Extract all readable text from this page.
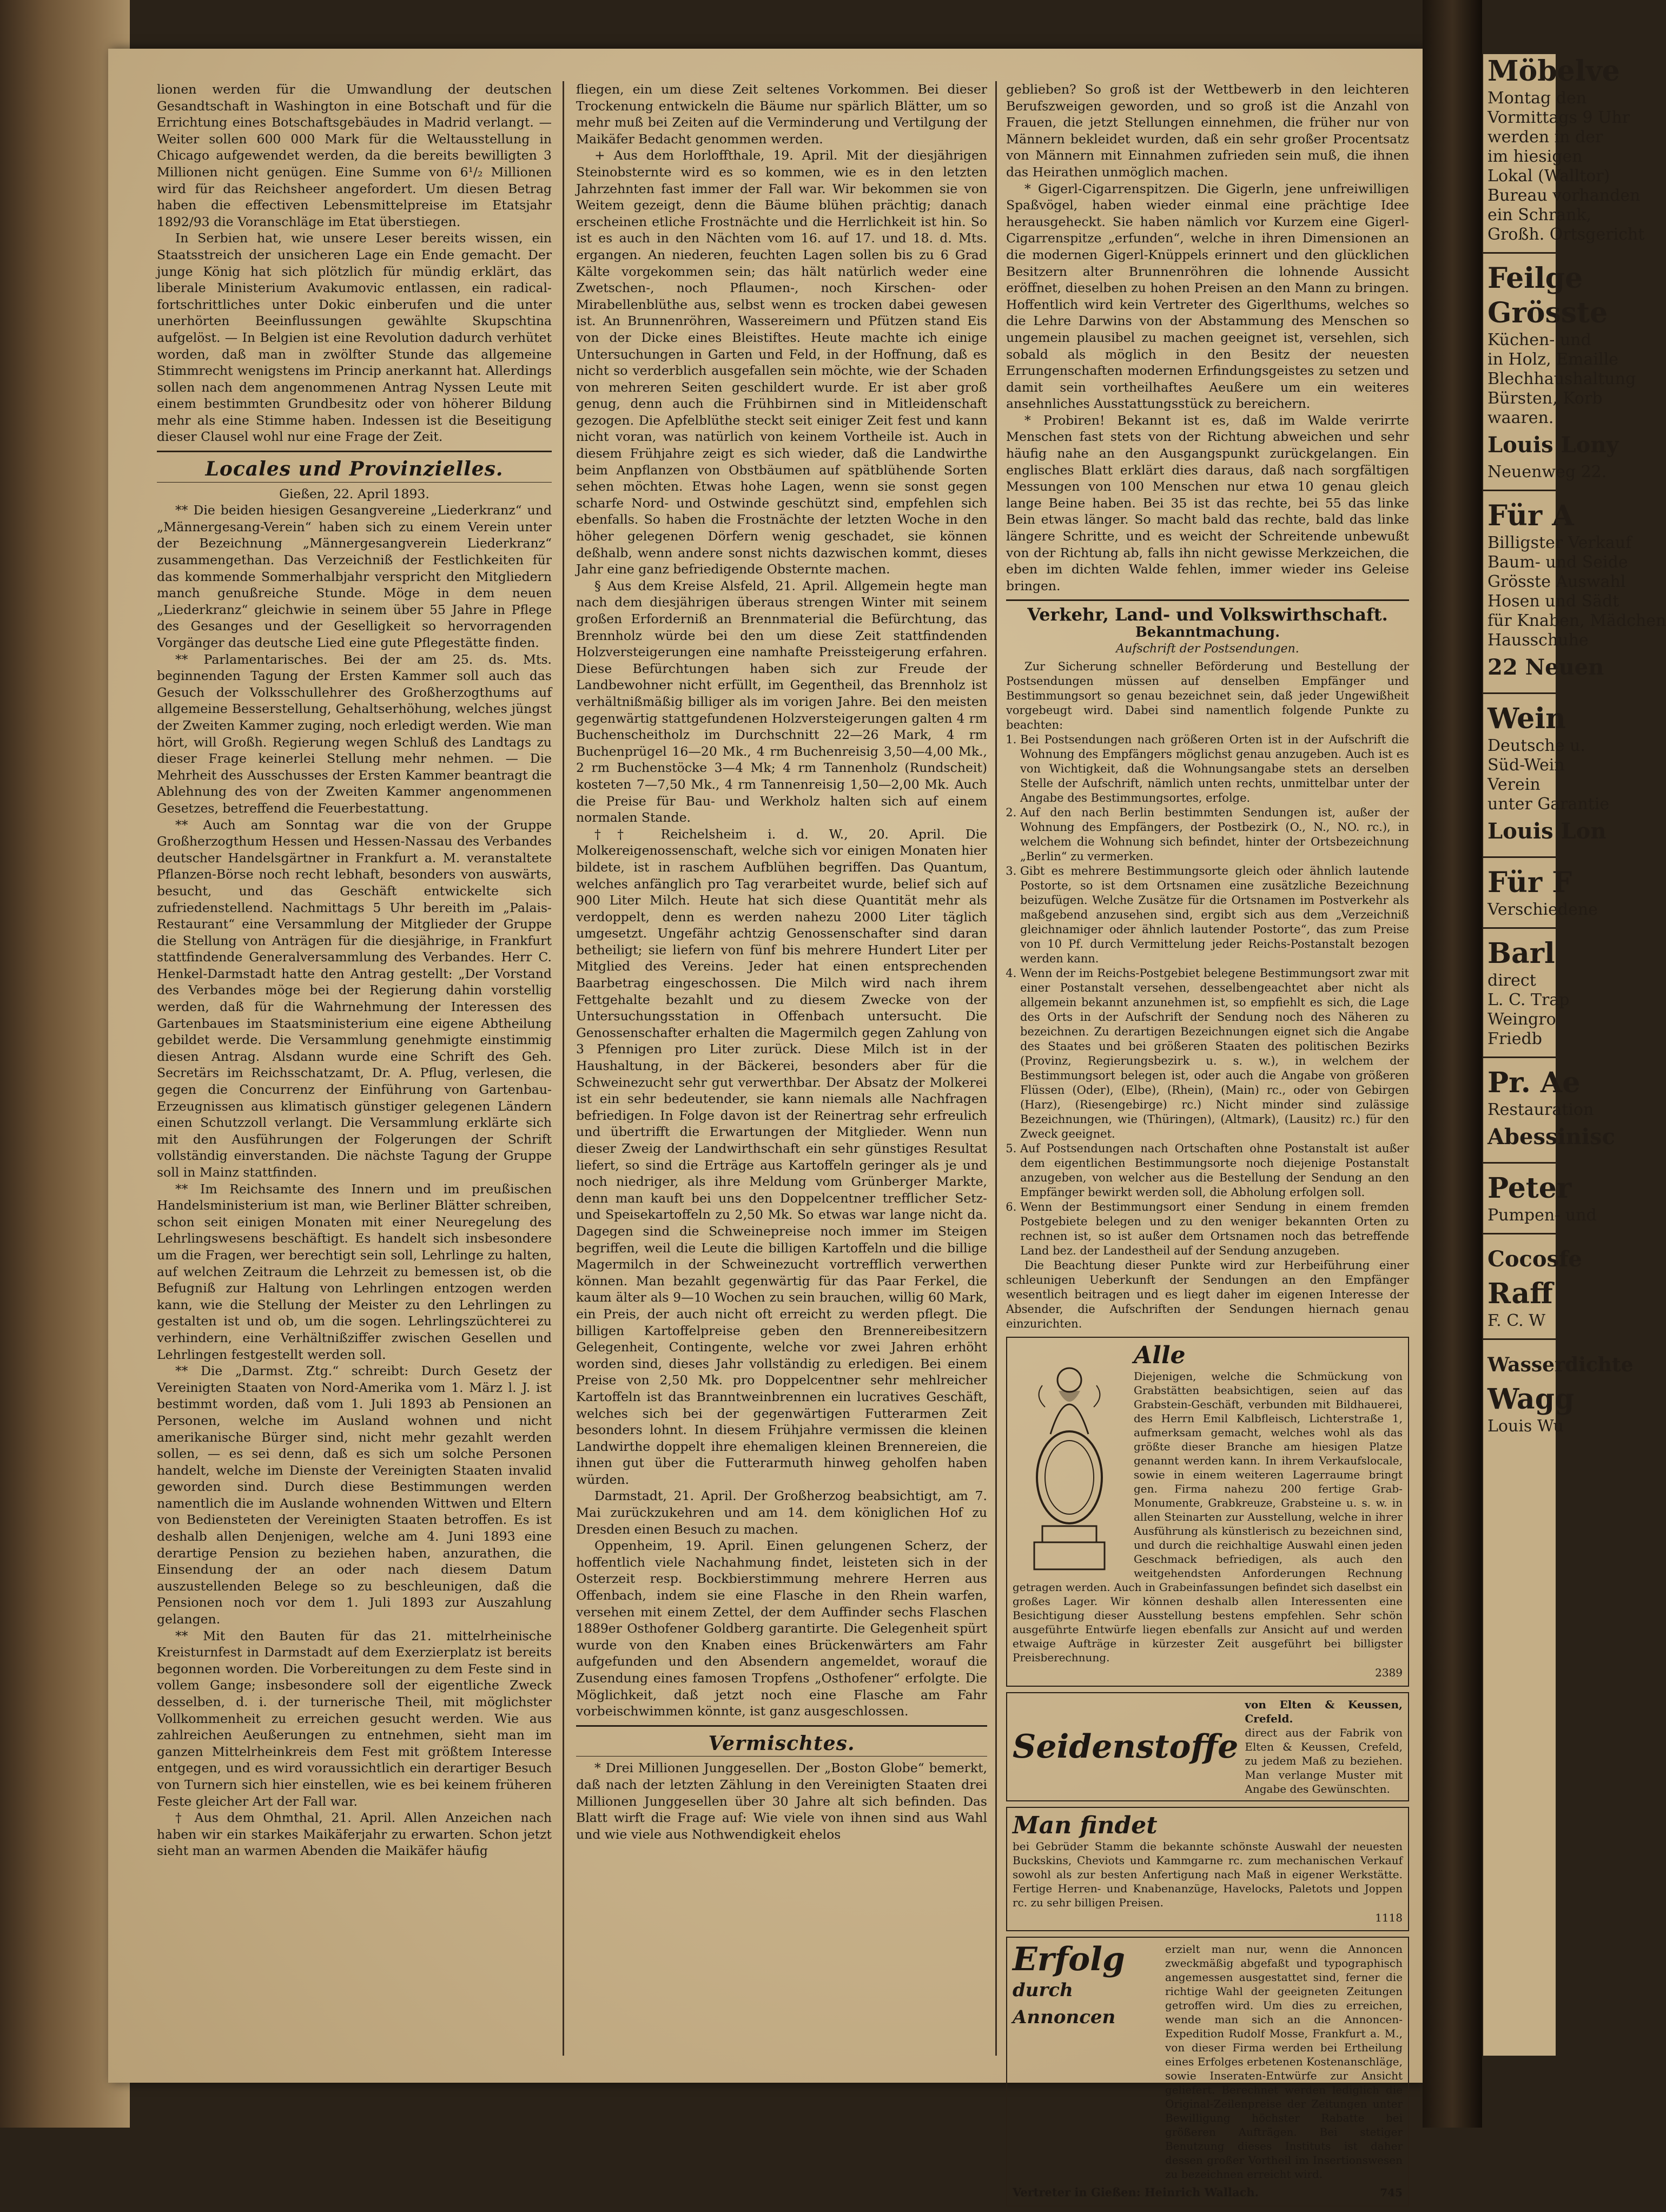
lionen werden für die Umwandlung der deutschen Gesandtschaft in Washington in eine Botschaft und für die Errichtung eines Botschaftsgebäudes in Madrid verlangt. — Weiter sollen 600 000 Mark für die Weltausstellung in Chicago aufgewendet werden, da die bereits bewilligten 3 Millionen nicht genügen. Eine Summe von 6¹/₂ Millionen wird für das Reichsheer angefordert. Um diesen Betrag haben die effectiven Lebensmittelpreise im Etatsjahr 1892/93 die Voranschläge im Etat überstiegen.

In Serbien hat, wie unsere Leser bereits wissen, ein Staatsstreich der unsicheren Lage ein Ende gemacht. Der junge König hat sich plötzlich für mündig erklärt, das liberale Ministerium Avakumovic entlassen, ein radical-fortschrittliches unter Dokic einberufen und die unter unerhörten Beeinflussungen gewählte Skupschtina aufgelöst. — In Belgien ist eine Revolution dadurch verhütet worden, daß man in zwölfter Stunde das allgemeine Stimmrecht wenigstens im Princip anerkannt hat. Allerdings sollen nach dem angenommenen Antrag Nyssen Leute mit einem bestimmten Grundbesitz oder von höherer Bildung mehr als eine Stimme haben. Indessen ist die Beseitigung dieser Clausel wohl nur eine Frage der Zeit.

Locales und Provinzielles.

Gießen, 22. April 1893.

** Die beiden hiesigen Gesangvereine „Liederkranz“ und „Männergesang-Verein“ haben sich zu einem Verein unter der Bezeichnung „Männergesangverein Liederkranz“ zusammengethan. Das Verzeichniß der Festlichkeiten für das kommende Sommerhalbjahr verspricht den Mitgliedern manch genußreiche Stunde. Möge in dem neuen „Liederkranz“ gleichwie in seinem über 55 Jahre in Pflege des Gesanges und der Geselligkeit so hervorragenden Vorgänger das deutsche Lied eine gute Pflegestätte finden.

** Parlamentarisches. Bei der am 25. ds. Mts. beginnenden Tagung der Ersten Kammer soll auch das Gesuch der Volksschullehrer des Großherzogthums auf allgemeine Besserstellung, Gehaltserhöhung, welches jüngst der Zweiten Kammer zuging, noch erledigt werden. Wie man hört, will Großh. Regierung wegen Schluß des Landtags zu dieser Frage keinerlei Stellung mehr nehmen. — Die Mehrheit des Ausschusses der Ersten Kammer beantragt die Ablehnung des von der Zweiten Kammer angenommenen Gesetzes, betreffend die Feuerbestattung.

** Auch am Sonntag war die von der Gruppe Großherzogthum Hessen und Hessen-Nassau des Verbandes deutscher Handelsgärtner in Frankfurt a. M. veranstaltete Pflanzen-Börse noch recht lebhaft, besonders von auswärts, besucht, und das Geschäft entwickelte sich zufriedenstellend. Nachmittags 5 Uhr bereith im „Palais-Restaurant“ eine Versammlung der Mitglieder der Gruppe die Stellung von Anträgen für die diesjährige, in Frankfurt stattfindende Generalversammlung des Verbandes. Herr C. Henkel-Darmstadt hatte den Antrag gestellt: „Der Vorstand des Verbandes möge bei der Regierung dahin vorstellig werden, daß für die Wahrnehmung der Interessen des Gartenbaues im Staatsministerium eine eigene Abtheilung gebildet werde. Die Versammlung genehmigte einstimmig diesen Antrag. Alsdann wurde eine Schrift des Geh. Secretärs im Reichsschatzamt, Dr. A. Pflug, verlesen, die gegen die Concurrenz der Einführung von Gartenbau-Erzeugnissen aus klimatisch günstiger gelegenen Ländern einen Schutzzoll verlangt. Die Versammlung erklärte sich mit den Ausführungen der Folgerungen der Schrift vollständig einverstanden. Die nächste Tagung der Gruppe soll in Mainz stattfinden.

** Im Reichsamte des Innern und im preußischen Handelsministerium ist man, wie Berliner Blätter schreiben, schon seit einigen Monaten mit einer Neuregelung des Lehrlingswesens beschäftigt. Es handelt sich insbesondere um die Fragen, wer berechtigt sein soll, Lehrlinge zu halten, auf welchen Zeitraum die Lehrzeit zu bemessen ist, ob die Befugniß zur Haltung von Lehrlingen entzogen werden kann, wie die Stellung der Meister zu den Lehrlingen zu gestalten ist und ob, um die sogen. Lehrlingszüchterei zu verhindern, eine Verhältnißziffer zwischen Gesellen und Lehrlingen festgestellt werden soll.

** Die „Darmst. Ztg.“ schreibt: Durch Gesetz der Vereinigten Staaten von Nord-Amerika vom 1. März l. J. ist bestimmt worden, daß vom 1. Juli 1893 ab Pensionen an Personen, welche im Ausland wohnen und nicht amerikanische Bürger sind, nicht mehr gezahlt werden sollen, — es sei denn, daß es sich um solche Personen handelt, welche im Dienste der Vereinigten Staaten invalid geworden sind. Durch diese Bestimmungen werden namentlich die im Auslande wohnenden Wittwen und Eltern von Bediensteten der Vereinigten Staaten betroffen. Es ist deshalb allen Denjenigen, welche am 4. Juni 1893 eine derartige Pension zu beziehen haben, anzurathen, die Einsendung der an oder nach diesem Datum auszustellenden Belege so zu beschleunigen, daß die Pensionen noch vor dem 1. Juli 1893 zur Auszahlung gelangen.

** Mit den Bauten für das 21. mittelrheinische Kreisturnfest in Darmstadt auf dem Exerzierplatz ist bereits begonnen worden. Die Vorbereitungen zu dem Feste sind in vollem Gange; insbesondere soll der eigentliche Zweck desselben, d. i. der turnerische Theil, mit möglichster Vollkommenheit zu erreichen gesucht werden. Wie aus zahlreichen Aeußerungen zu entnehmen, sieht man im ganzen Mittelrheinkreis dem Fest mit größtem Interesse entgegen, und es wird voraussichtlich ein derartiger Besuch von Turnern sich hier einstellen, wie es bei keinem früheren Feste gleicher Art der Fall war.

† Aus dem Ohmthal, 21. April. Allen Anzeichen nach haben wir ein starkes Maikäferjahr zu erwarten. Schon jetzt sieht man an warmen Abenden die Maikäfer häufig

fliegen, ein um diese Zeit seltenes Vorkommen. Bei dieser Trockenung entwickeln die Bäume nur spärlich Blätter, um so mehr muß bei Zeiten auf die Verminderung und Vertilgung der Maikäfer Bedacht genommen werden.

+ Aus dem Horloffthale, 19. April. Mit der diesjährigen Steinobsternte wird es so kommen, wie es in den letzten Jahrzehnten fast immer der Fall war. Wir bekommen sie von Weitem gezeigt, denn die Bäume blühen prächtig; danach erscheinen etliche Frostnächte und die Herrlichkeit ist hin. So ist es auch in den Nächten vom 16. auf 17. und 18. d. Mts. ergangen. An niederen, feuchten Lagen sollen bis zu 6 Grad Kälte vorgekommen sein; das hält natürlich weder eine Zwetschen-, noch Pflaumen-, noch Kirschen- oder Mirabellenblüthe aus, selbst wenn es trocken dabei gewesen ist. An Brunnenröhren, Wassereimern und Pfützen stand Eis von der Dicke eines Bleistiftes. Heute machte ich einige Untersuchungen in Garten und Feld, in der Hoffnung, daß es nicht so verderblich ausgefallen sein möchte, wie der Schaden von mehreren Seiten geschildert wurde. Er ist aber groß genug, denn auch die Frühbirnen sind in Mitleidenschaft gezogen. Die Apfelblüthe steckt seit einiger Zeit fest und kann nicht voran, was natürlich von keinem Vortheile ist. Auch in diesem Frühjahre zeigt es sich wieder, daß die Landwirthe beim Anpflanzen von Obstbäumen auf spätblühende Sorten sehen möchten. Etwas hohe Lagen, wenn sie sonst gegen scharfe Nord- und Ostwinde geschützt sind, empfehlen sich ebenfalls. So haben die Frostnächte der letzten Woche in den höher gelegenen Dörfern wenig geschadet, sie können deßhalb, wenn andere sonst nichts dazwischen kommt, dieses Jahr eine ganz befriedigende Obsternte machen.

§ Aus dem Kreise Alsfeld, 21. April. Allgemein hegte man nach dem diesjährigen überaus strengen Winter mit seinem großen Erforderniß an Brennmaterial die Befürchtung, das Brennholz würde bei den um diese Zeit stattfindenden Holzversteigerungen eine namhafte Preissteigerung erfahren. Diese Befürchtungen haben sich zur Freude der Landbewohner nicht erfüllt, im Gegentheil, das Brennholz ist verhältnißmäßig billiger als im vorigen Jahre. Bei den meisten gegenwärtig stattgefundenen Holzversteigerungen galten 4 rm Buchenscheitholz im Durchschnitt 22—26 Mark, 4 rm Buchenprügel 16—20 Mk., 4 rm Buchenreisig 3,50—4,00 Mk., 2 rm Buchenstöcke 3—4 Mk; 4 rm Tannenholz (Rundscheit) kosteten 7—7,50 Mk., 4 rm Tannenreisig 1,50—2,00 Mk. Auch die Preise für Bau- und Werkholz halten sich auf einem normalen Stande.

†† Reichelsheim i. d. W., 20. April. Die Molkereigenossenschaft, welche sich vor einigen Monaten hier bildete, ist in raschem Aufblühen begriffen. Das Quantum, welches anfänglich pro Tag verarbeitet wurde, belief sich auf 900 Liter Milch. Heute hat sich diese Quantität mehr als verdoppelt, denn es werden nahezu 2000 Liter täglich umgesetzt. Ungefähr achtzig Genossenschafter sind daran betheiligt; sie liefern von fünf bis mehrere Hundert Liter per Mitglied des Vereins. Jeder hat einen entsprechenden Baarbetrag eingeschossen. Die Milch wird nach ihrem Fettgehalte bezahlt und zu diesem Zwecke von der Untersuchungsstation in Offenbach untersucht. Die Genossenschafter erhalten die Magermilch gegen Zahlung von 3 Pfennigen pro Liter zurück. Diese Milch ist in der Haushaltung, in der Bäckerei, besonders aber für die Schweinezucht sehr gut verwerthbar. Der Absatz der Molkerei ist ein sehr bedeutender, sie kann niemals alle Nachfragen befriedigen. In Folge davon ist der Reinertrag sehr erfreulich und übertrifft die Erwartungen der Mitglieder. Wenn nun dieser Zweig der Landwirthschaft ein sehr günstiges Resultat liefert, so sind die Erträge aus Kartoffeln geringer als je und noch niedriger, als ihre Meldung vom Grünberger Markte, denn man kauft bei uns den Doppelcentner trefflicher Setz- und Speisekartoffeln zu 2,50 Mk. So etwas war lange nicht da. Dagegen sind die Schweinepreise noch immer im Steigen begriffen, weil die Leute die billigen Kartoffeln und die billige Magermilch in der Schweinezucht vortrefflich verwerthen können. Man bezahlt gegenwärtig für das Paar Ferkel, die kaum älter als 9—10 Wochen zu sein brauchen, willig 60 Mark, ein Preis, der auch nicht oft erreicht zu werden pflegt. Die billigen Kartoffelpreise geben den Brennereibesitzern Gelegenheit, Contingente, welche vor zwei Jahren erhöht worden sind, dieses Jahr vollständig zu erledigen. Bei einem Preise von 2,50 Mk. pro Doppelcentner sehr mehlreicher Kartoffeln ist das Branntweinbrennen ein lucratives Geschäft, welches sich bei der gegenwärtigen Futterarmen Zeit besonders lohnt. In diesem Frühjahre vermissen die kleinen Landwirthe doppelt ihre ehemaligen kleinen Brennereien, die ihnen gut über die Futterarmuth hinweg geholfen haben würden.

Darmstadt, 21. April. Der Großherzog beabsichtigt, am 7. Mai zurückzukehren und am 14. dem königlichen Hof zu Dresden einen Besuch zu machen.

Oppenheim, 19. April. Einen gelungenen Scherz, der hoffentlich viele Nachahmung findet, leisteten sich in der Osterzeit resp. Bockbierstimmung mehrere Herren aus Offenbach, indem sie eine Flasche in den Rhein warfen, versehen mit einem Zettel, der dem Auffinder sechs Flaschen 1889er Osthofener Goldberg garantirte. Die Gelegenheit spürt wurde von den Knaben eines Brückenwärters am Fahr aufgefunden und den Absendern angemeldet, worauf die Zusendung eines famosen Tropfens „Osthofener“ erfolgte. Die Möglichkeit, daß jetzt noch eine Flasche am Fahr vorbeischwimmen könnte, ist ganz ausgeschlossen.

Vermischtes.

* Drei Millionen Junggesellen. Der „Boston Globe“ bemerkt, daß nach der letzten Zählung in den Vereinigten Staaten drei Millionen Junggesellen über 30 Jahre alt sich befinden. Das Blatt wirft die Frage auf: Wie viele von ihnen sind aus Wahl und wie viele aus Nothwendigkeit ehelos

geblieben? So groß ist der Wettbewerb in den leichteren Berufszweigen geworden, und so groß ist die Anzahl von Frauen, die jetzt Stellungen einnehmen, die früher nur von Männern bekleidet wurden, daß ein sehr großer Procentsatz von Männern mit Einnahmen zufrieden sein muß, die ihnen das Heirathen unmöglich machen.

* Gigerl-Cigarrenspitzen. Die Gigerln, jene unfreiwilligen Spaßvögel, haben wieder einmal eine prächtige Idee herausgeheckt. Sie haben nämlich vor Kurzem eine Gigerl-Cigarrenspitze „erfunden“, welche in ihren Dimensionen an die modernen Gigerl-Knüppels erinnert und den glücklichen Besitzern alter Brunnenröhren die lohnende Aussicht eröffnet, dieselben zu hohen Preisen an den Mann zu bringen. Hoffentlich wird kein Vertreter des Gigerlthums, welches so die Lehre Darwins von der Abstammung des Menschen so ungemein plausibel zu machen geeignet ist, versehlen, sich sobald als möglich in den Besitz der neuesten Errungenschaften modernen Erfindungsgeistes zu setzen und damit sein vortheilhaftes Aeußere um ein weiteres ansehnliches Ausstattungsstück zu bereichern.

* Probiren! Bekannt ist es, daß im Walde verirrte Menschen fast stets von der Richtung abweichen und sehr häufig nahe an den Ausgangspunkt zurückgelangen. Ein englisches Blatt erklärt dies daraus, daß nach sorgfältigen Messungen von 100 Menschen nur etwa 10 genau gleich lange Beine haben. Bei 35 ist das rechte, bei 55 das linke Bein etwas länger. So macht bald das rechte, bald das linke längere Schritte, und es weicht der Schreitende unbewußt von der Richtung ab, falls ihn nicht gewisse Merkzeichen, die eben im dichten Walde fehlen, immer wieder ins Geleise bringen.

Verkehr, Land- und Volkswirthschaft.
Bekanntmachung.
Aufschrift der Postsendungen.

Zur Sicherung schneller Beförderung und Bestellung der Postsendungen müssen auf denselben Empfänger und Bestimmungsort so genau bezeichnet sein, daß jeder Ungewißheit vorgebeugt wird. Dabei sind namentlich folgende Punkte zu beachten:

1. Bei Postsendungen nach größeren Orten ist in der Aufschrift die Wohnung des Empfängers möglichst genau anzugeben. Auch ist es von Wichtigkeit, daß die Wohnungsangabe stets an derselben Stelle der Aufschrift, nämlich unten rechts, unmittelbar unter der Angabe des Bestimmungsortes, erfolge.
2. Auf den nach Berlin bestimmten Sendungen ist, außer der Wohnung des Empfängers, der Postbezirk (O., N., NO. rc.), in welchem die Wohnung sich befindet, hinter der Ortsbezeichnung „Berlin“ zu vermerken.
3. Gibt es mehrere Bestimmungsorte gleich oder ähnlich lautende Postorte, so ist dem Ortsnamen eine zusätzliche Bezeichnung beizufügen. Welche Zusätze für die Ortsnamen im Postverkehr als maßgebend anzusehen sind, ergibt sich aus dem „Verzeichniß gleichnamiger oder ähnlich lautender Postorte“, das zum Preise von 10 Pf. durch Vermittelung jeder Reichs-Postanstalt bezogen werden kann.
4. Wenn der im Reichs-Postgebiet belegene Bestimmungsort zwar mit einer Postanstalt versehen, desselbengeachtet aber nicht als allgemein bekannt anzunehmen ist, so empfiehlt es sich, die Lage des Orts in der Aufschrift der Sendung noch des Näheren zu bezeichnen. Zu derartigen Bezeichnungen eignet sich die Angabe des Staates und bei größeren Staaten des politischen Bezirks (Provinz, Regierungsbezirk u. s. w.), in welchem der Bestimmungsort belegen ist, oder auch die Angabe von größeren Flüssen (Oder), (Elbe), (Rhein), (Main) rc., oder von Gebirgen (Harz), (Riesengebirge) rc.) Nicht minder sind zulässige Bezeichnungen, wie (Thüringen), (Altmark), (Lausitz) rc.) für den Zweck geeignet.
5. Auf Postsendungen nach Ortschaften ohne Postanstalt ist außer dem eigentlichen Bestimmungsorte noch diejenige Postanstalt anzugeben, von welcher aus die Bestellung der Sendung an den Empfänger bewirkt werden soll, die Abholung erfolgen soll.
6. Wenn der Bestimmungsort einer Sendung in einem fremden Postgebiete belegen und zu den weniger bekannten Orten zu rechnen ist, so ist außer dem Ortsnamen noch das betreffende Land bez. der Landestheil auf der Sendung anzugeben.

Die Beachtung dieser Punkte wird zur Herbeiführung einer schleunigen Ueberkunft der Sendungen an den Empfänger wesentlich beitragen und es liegt daher im eigenen Interesse der Absender, die Aufschriften der Sendungen hiernach genau einzurichten.

Alle
Diejenigen, welche die Schmückung von Grabstätten beabsichtigen, seien auf das Grabstein-Geschäft, verbunden mit Bildhauerei, des Herrn Emil Kalbfleisch, Lichterstraße 1, aufmerksam gemacht, welches wohl als das größte dieser Branche am hiesigen Platze genannt werden kann. In ihrem Verkaufslocale, sowie in einem weiteren Lagerraume bringt gen. Firma nahezu 200 fertige Grab-Monumente, Grabkreuze, Grabsteine u. s. w. in allen Steinarten zur Ausstellung, welche in ihrer Ausführung als künstlerisch zu bezeichnen sind, und durch die reichhaltige Auswahl einen jeden Geschmack befriedigen, als auch den weitgehendsten Anforderungen Rechnung getragen werden. Auch in Grabeinfassungen befindet sich daselbst ein großes Lager. Wir können deshalb allen Interessenten eine Besichtigung dieser Ausstellung bestens empfehlen. Sehr schön ausgeführte Entwürfe liegen ebenfalls zur Ansicht auf und werden etwaige Aufträge in kürzester Zeit ausgeführt bei billigster Preisberechnung.
2389
Seidenstoffe
von Elten & Keussen, Crefeld.
direct aus der Fabrik von Elten & Keussen, Crefeld, zu jedem Maß zu beziehen. Man verlange Muster mit Angabe des Gewünschten.
Man findet
bei Gebrüder Stamm die bekannte schönste Auswahl der neuesten Buckskins, Cheviots und Kammgarne rc. zum mechanischen Verkauf sowohl als zur besten Anfertigung nach Maß in eigener Werkstätte. Fertige Herren- und Knabenanzüge, Havelocks, Paletots und Joppen rc. zu sehr billigen Preisen.
1118
Erfolg
durch Annoncen
erzielt man nur, wenn die Annoncen zweckmäßig abgefaßt und typographisch angemessen ausgestattet sind, ferner die richtige Wahl der geeigneten Zeitungen getroffen wird. Um dies zu erreichen, wende man sich an die Annoncen-Expedition Rudolf Mosse, Frankfurt a. M., von dieser Firma werden bei Ertheilung eines Erfolges erbetenen Kostenanschläge, sowie Inseraten-Entwürfe zur Ansicht geliefert. Berechnet werden lediglich die Original-Zeilenpreise der Zeitungen unter Bewilligung höchster Rabatte bei größeren Aufträgen. Bei stetiger Benutzung dieses Instituts ist daher dessen großer Vortheil im Insertionswesen zu bezeichnen erreicht wird.
Vertreter in Gießen: Heinrich Wallach.	745
Möbelve
Montag den
Vormittags 9 Uhr
werden in der
im hiesigen
Lokal (Walltor)
Bureau vorhanden
ein Schrank,
Großh. Ortsgericht
Feilge
Grösste
Küchen- und
in Holz, Emaille
Blechhaushaltung
Bürsten, Korb
waaren.
Louis Lony
Neuenweg 22.
Für A
Billigster Verkauf
Baum- und Seide
Grösste Auswahl
Hosen und Sädt
für Knaben, Mädchen
Hausschuhe
22 Neuen
Wein
Deutsche u.
Süd-Wein
Verein
unter Garantie
Louis Lon
Für F
Verschiedene
Barl
direct
L. C. Trap
Weingro
Friedb
Pr. Ae
Restauration
Abessinisc
Peter
Pumpen- und
Cocosfe
Raff
F. C. W
Wasserdichte
Wagg
Louis Wu
